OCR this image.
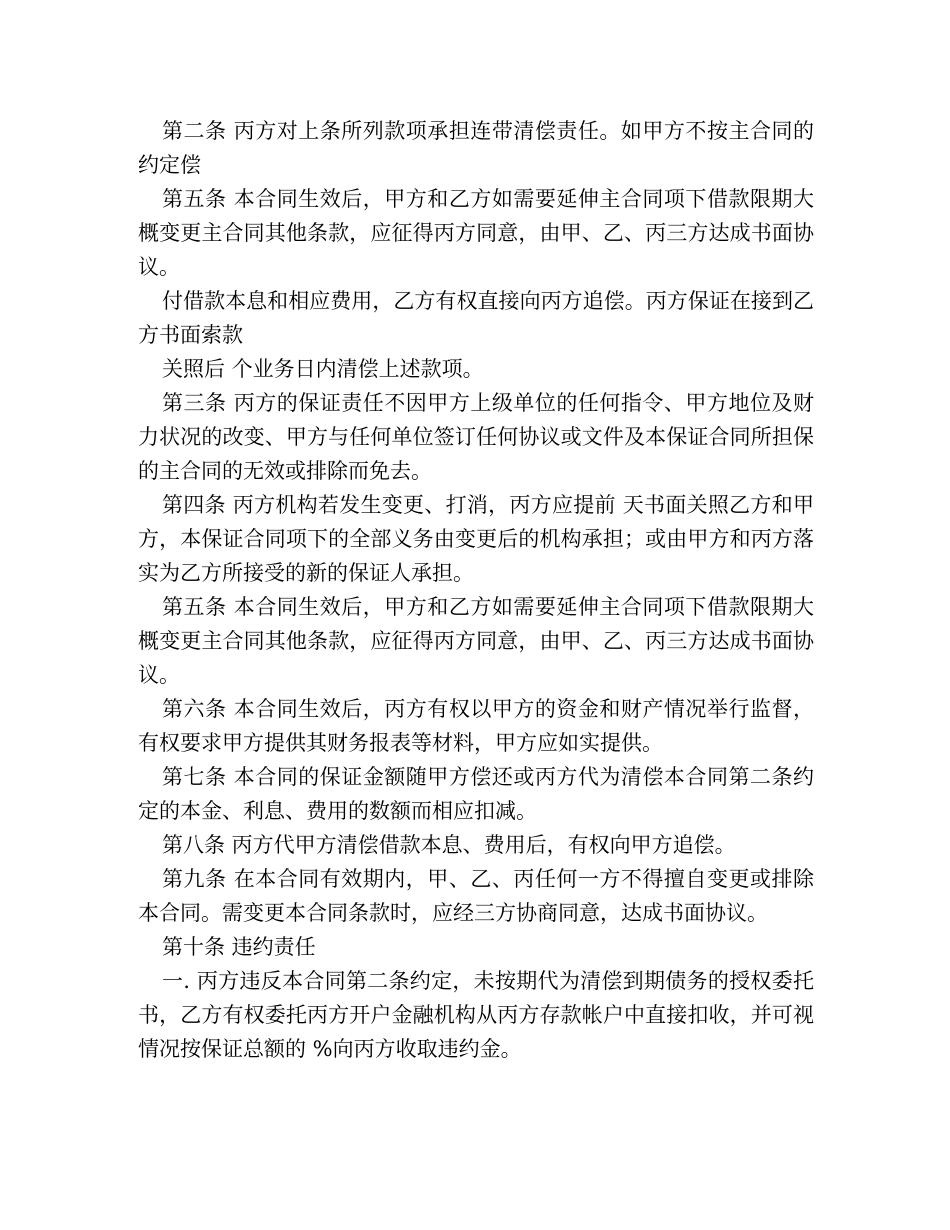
第二条 丙方对上条所列款项承担连带清偿责任。如甲方不按主合同的约定偿

第五条 本合同生效后，甲方和乙方如需要延伸主合同项下借款限期大概变更主合同其他条款，应征得丙方同意，由甲、乙、丙三方达成书面协议。

付借款本息和相应费用，乙方有权直接向丙方追偿。丙方保证在接到乙方书面索款

关照后 个业务日内清偿上述款项。

第三条 丙方的保证责任不因甲方上级单位的任何指令、甲方地位及财力状况的改变、甲方与任何单位签订任何协议或文件及本保证合同所担保的主合同的无效或排除而免去。

第四条 丙方机构若发生变更、打消，丙方应提前 天书面关照乙方和甲方，本保证合同项下的全部义务由变更后的机构承担；或由甲方和丙方落实为乙方所接受的新的保证人承担。

第五条 本合同生效后，甲方和乙方如需要延伸主合同项下借款限期大概变更主合同其他条款，应征得丙方同意，由甲、乙、丙三方达成书面协议。

第六条 本合同生效后，丙方有权以甲方的资金和财产情况举行监督，有权要求甲方提供其财务报表等材料，甲方应如实提供。

第七条 本合同的保证金额随甲方偿还或丙方代为清偿本合同第二条约定的本金、利息、费用的数额而相应扣减。

第八条 丙方代甲方清偿借款本息、费用后，有权向甲方追偿。

第九条 在本合同有效期内，甲、乙、丙任何一方不得擅自变更或排除本合同。需变更本合同条款时，应经三方协商同意，达成书面协议。

第十条 违约责任

一. 丙方违反本合同第二条约定，未按期代为清偿到期债务的授权委托书，乙方有权委托丙方开户金融机构从丙方存款帐户中直接扣收，并可视情况按保证总额的 %向丙方收取违约金。
